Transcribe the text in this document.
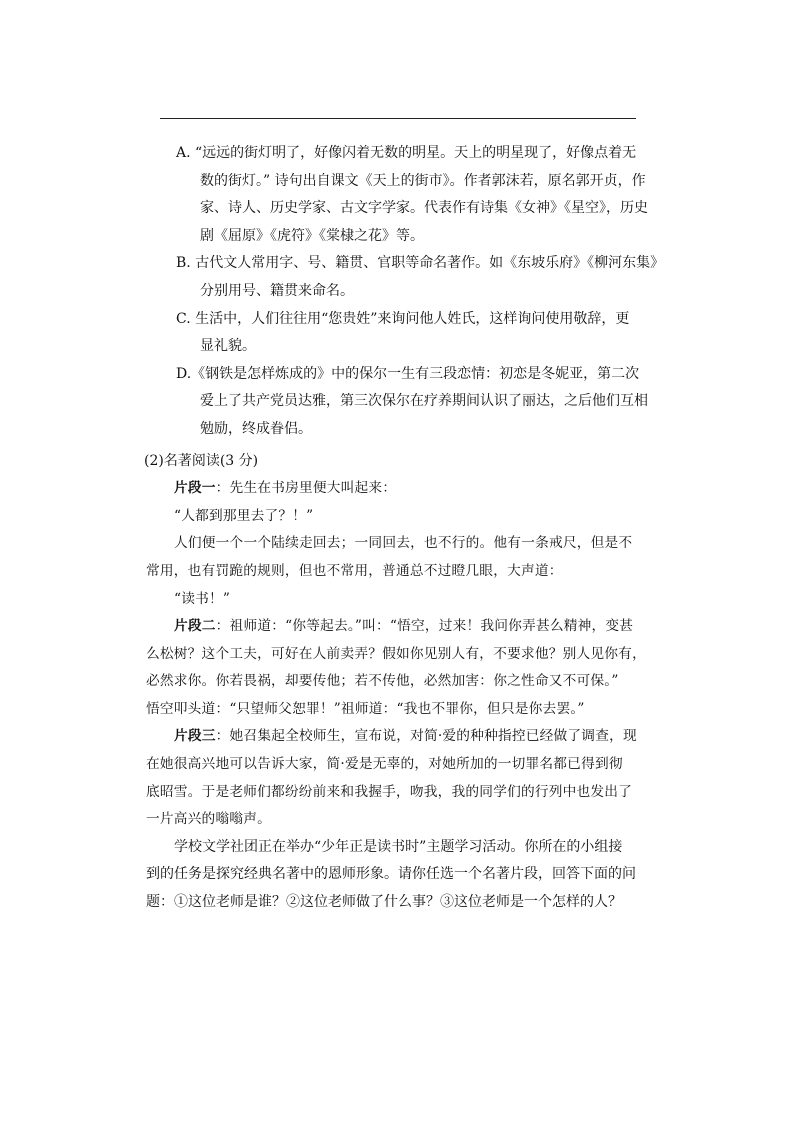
A. “远远的街灯明了，好像闪着无数的明星。天上的明星现了，好像点着无
数的街灯。” 诗句出自课文《天上的街市》。作者郭沫若，原名郭开贞，作
家、诗人、历史学家、古文字学家。代表作有诗集《女神》《星空》，历史
剧《屈原》《虎符》《棠棣之花》等。
B. 古代文人常用字、号、籍贯、官职等命名著作。如《东坡乐府》《柳河东集》
分别用号、籍贯来命名。
C. 生活中，人们往往用“您贵姓”来询问他人姓氏，这样询问使用敬辞，更
显礼貌。
D.《钢铁是怎样炼成的》中的保尔一生有三段恋情：初恋是冬妮亚，第二次
爱上了共产党员达雅，第三次保尔在疗养期间认识了丽达，之后他们互相
勉励，终成眷侣。
(2)名著阅读(3 分)
片段一：先生在书房里便大叫起来：
“人都到那里去了？！”
人们便一个一个陆续走回去；一同回去，也不行的。他有一条戒尺，但是不
常用，也有罚跪的规则，但也不常用，普通总不过瞪几眼，大声道：
“读书！”
片段二：祖师道：“你等起去。”叫：“悟空，过来！我问你弄甚么精神，变甚
么松树？这个工夫，可好在人前卖弄？假如你见别人有，不要求他？别人见你有，
必然求你。你若畏祸，却要传他；若不传他，必然加害：你之性命又不可保。”
悟空叩头道：“只望师父恕罪！”祖师道：“我也不罪你，但只是你去罢。”
片段三：她召集起全校师生，宣布说，对简·爱的种种指控已经做了调查，现
在她很高兴地可以告诉大家，简·爱是无辜的，对她所加的一切罪名都已得到彻
底昭雪。于是老师们都纷纷前来和我握手，吻我，我的同学们的行列中也发出了
一片高兴的嗡嗡声。
学校文学社团正在举办“少年正是读书时”主题学习活动。你所在的小组接
到的任务是探究经典名著中的恩师形象。请你任选一个名著片段，回答下面的问
题：①这位老师是谁？②这位老师做了什么事？③这位老师是一个怎样的人？
